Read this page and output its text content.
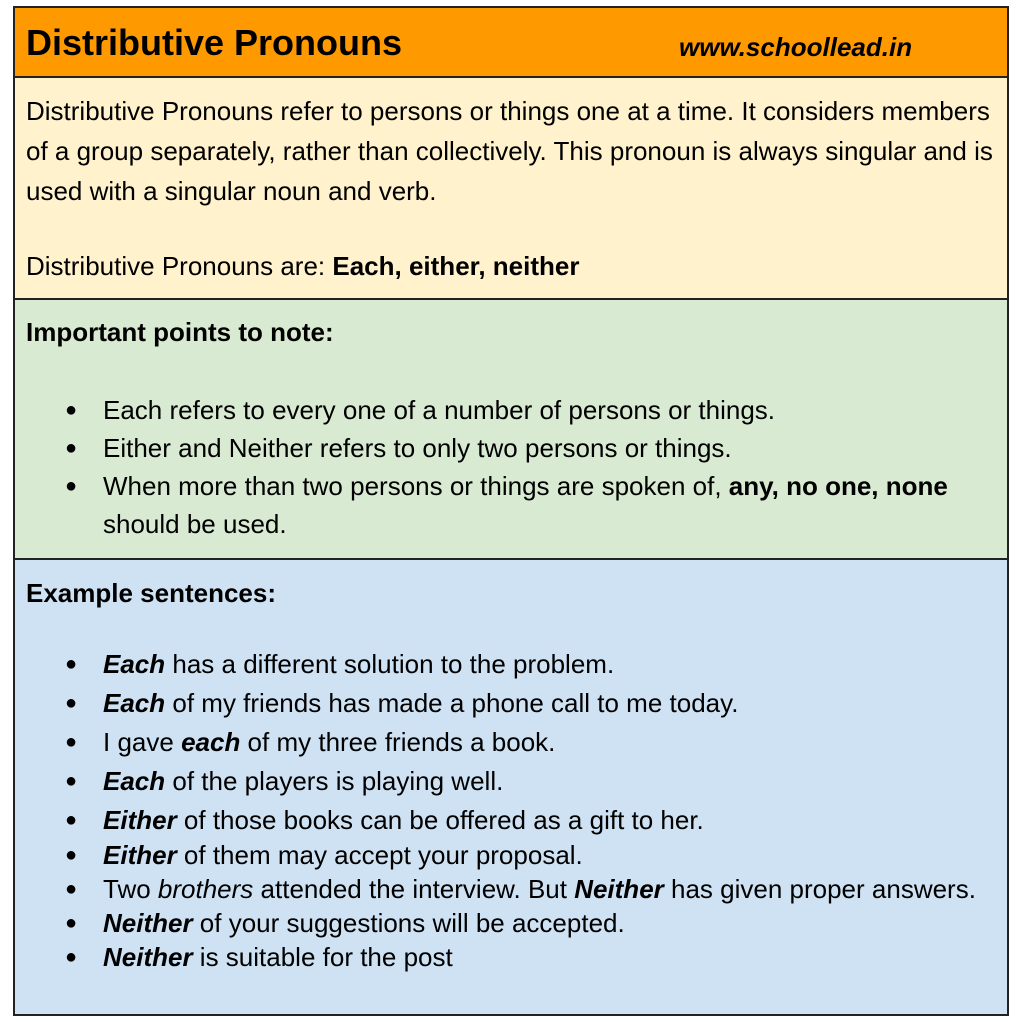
Distributive Pronouns	www.schoollead.in

Distributive Pronouns refer to persons or things one at a time. It considers members of a group separately, rather than collectively. This pronoun is always singular and is used with a singular noun and verb.

Distributive Pronouns are: Each, either, neither
Important points to note:
● Each refers to every one of a number of persons or things.
● Either and Neither refers to only two persons or things.
● When more than two persons or things are spoken of, any, no one, none should be used.
Example sentences:
● Each has a different solution to the problem.
● Each of my friends has made a phone call to me today.
● I gave each of my three friends a book.
● Each of the players is playing well.
● Either of those books can be offered as a gift to her.
● Either of them may accept your proposal.
● Two brothers attended the interview. But Neither has given proper answers.
● Neither of your suggestions will be accepted.
● Neither is suitable for the post
